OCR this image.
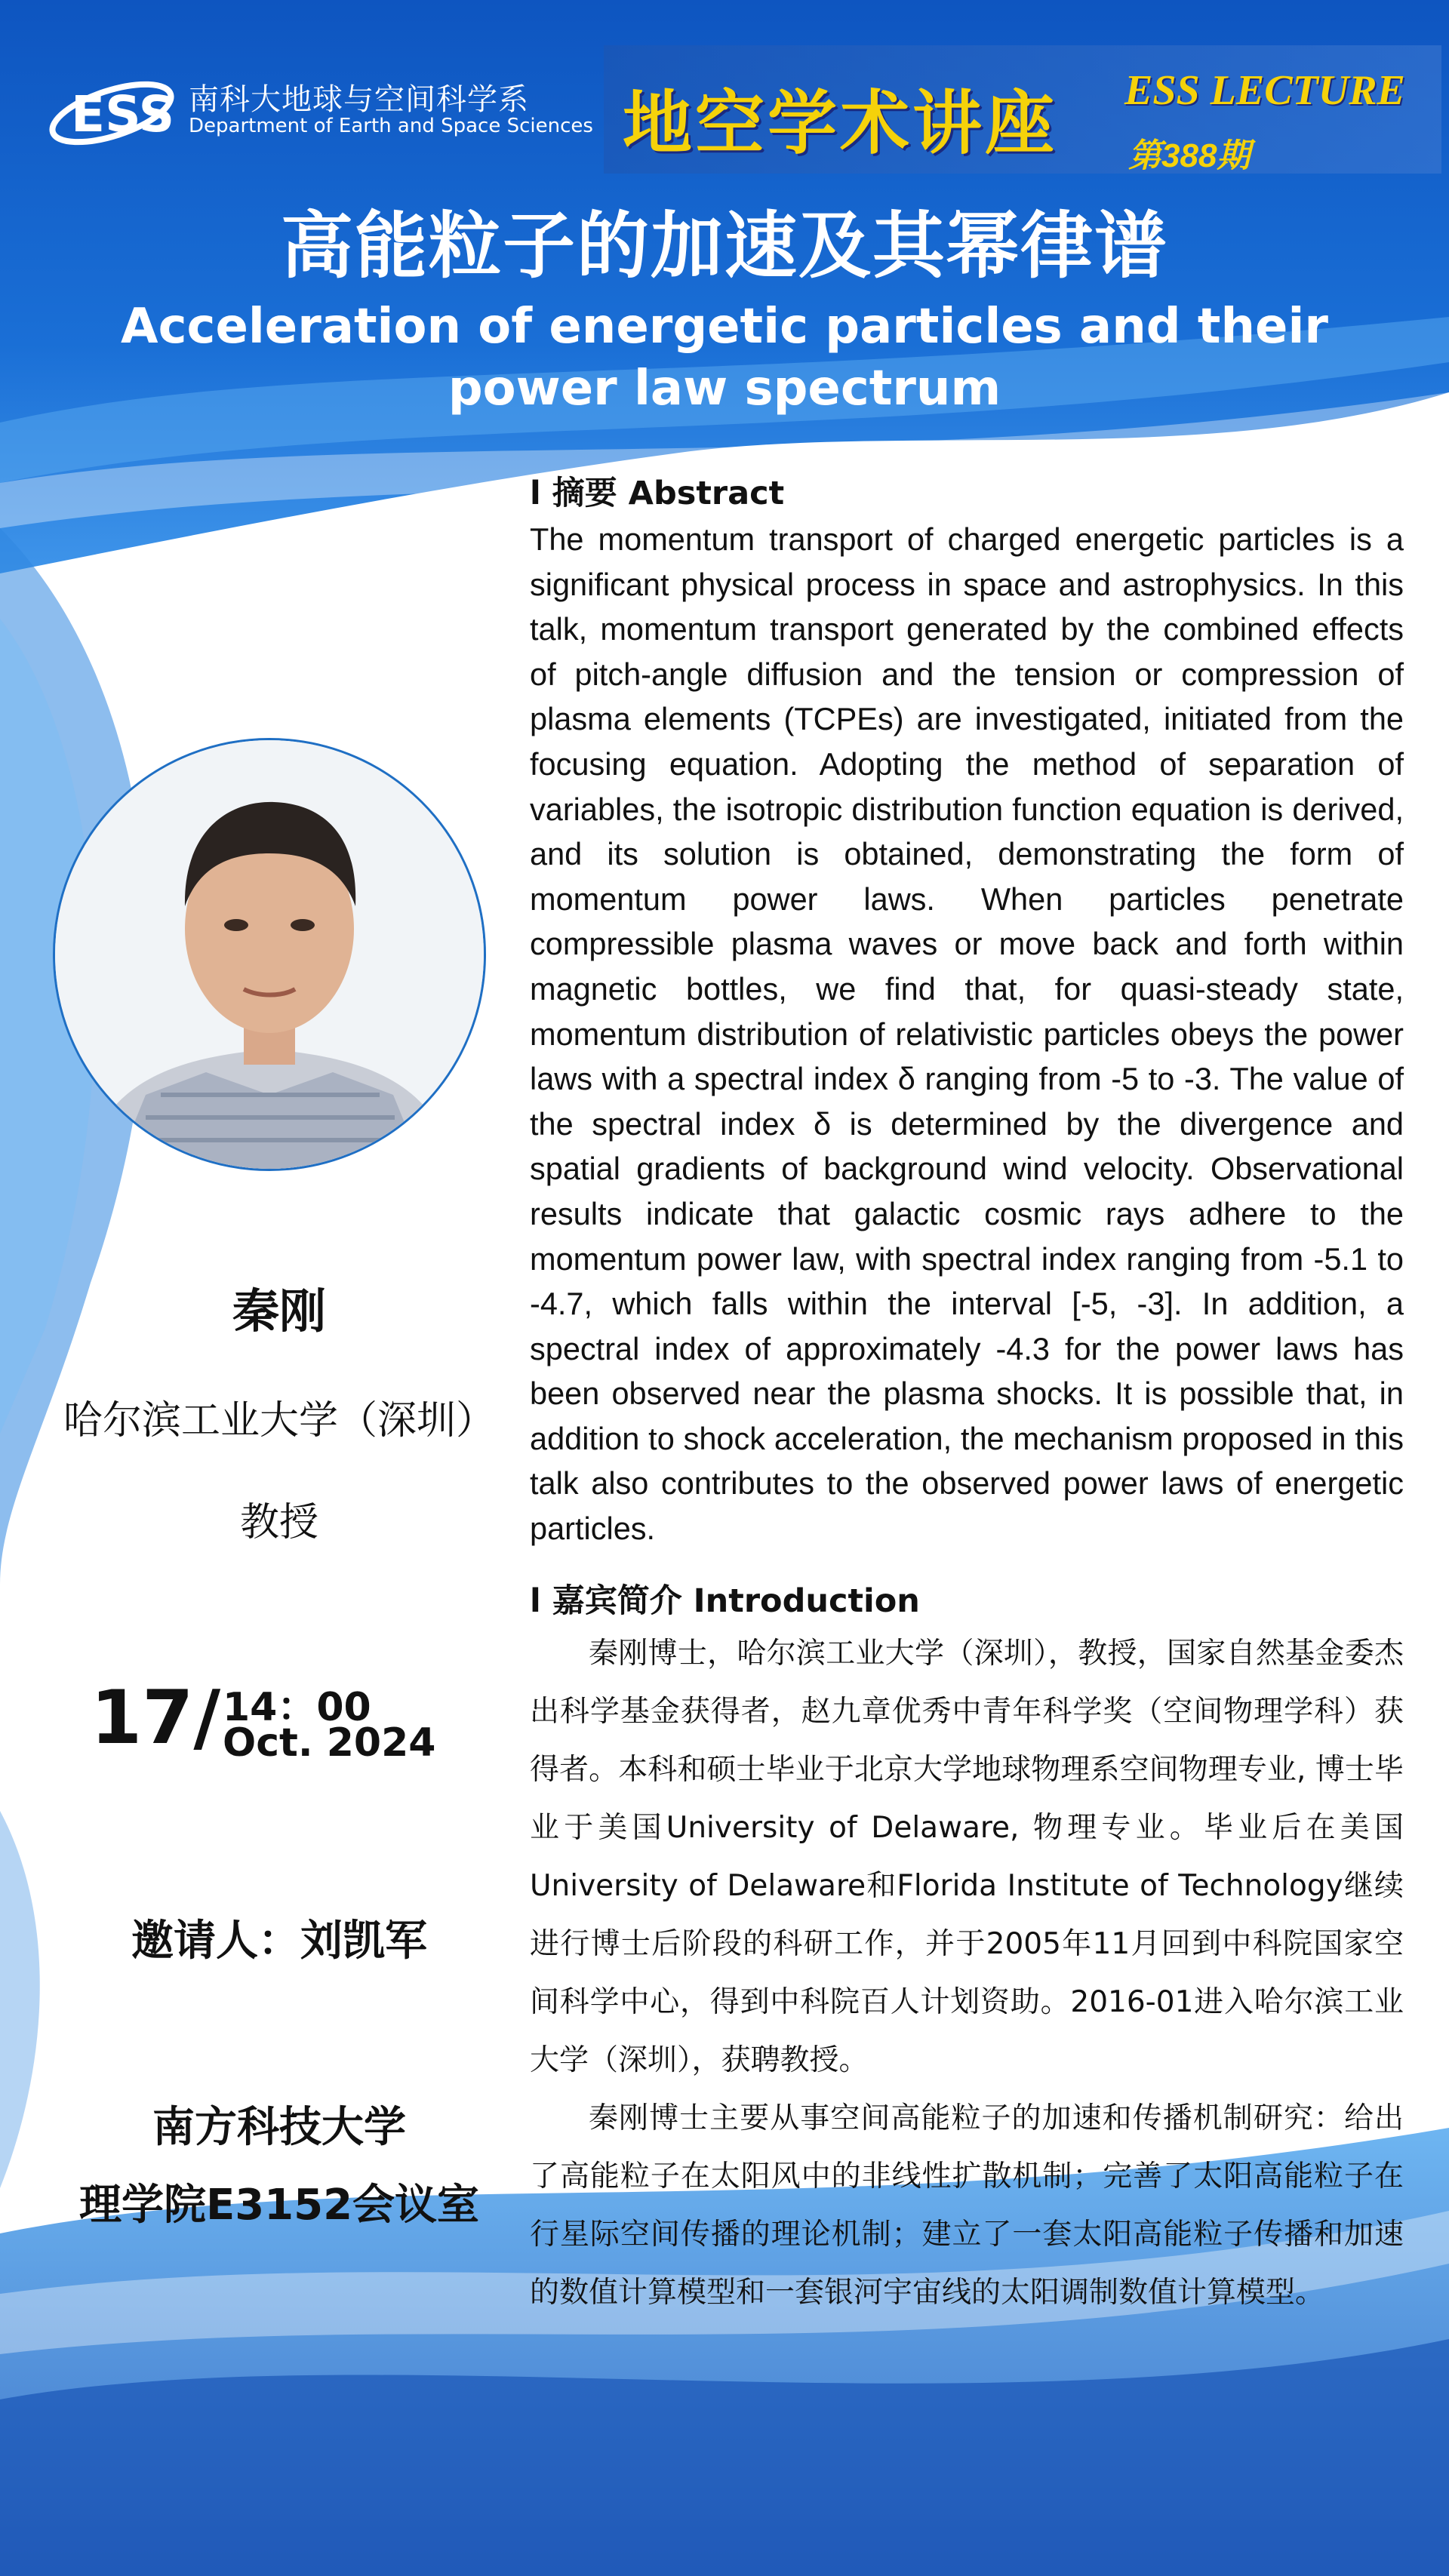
ESS 南科大地球与空间科学系
Department of Earth and Space Sciences 地空学术讲座 ESS LECTURE
第388期
高能粒子的加速及其幂律谱
Acceleration of energetic particles and their power law spectrum
秦刚
哈尔滨工业大学（深圳）
教授
17/ 14：00
Oct. 2024
邀请人：刘凯军
南方科技大学
理学院E3152会议室
l 摘要 Abstract

The momentum transport of charged energetic particles is a significant physical process in space and astrophysics. In this talk, momentum transport generated by the combined effects of pitch-angle diffusion and the tension or compression of plasma elements (TCPEs) are investigated, initiated from the focusing equation. Adopting the method of separation of variables, the isotropic distribution function equation is derived, and its solution is obtained, demonstrating the form of momentum power laws. When particles penetrate compressible plasma waves or move back and forth within magnetic bottles, we find that, for quasi-steady state, momentum distribution of relativistic particles obeys the power laws with a spectral index δ ranging from -5 to -3. The value of the spectral index δ is determined by the divergence and spatial gradients of background wind velocity. Observational results indicate that galactic cosmic rays adhere to the momentum power law, with spectral index ranging from -5.1 to -4.7, which falls within the interval [-5, -3]. In addition, a spectral index of approximately -4.3 for the power laws has been observed near the plasma shocks. It is possible that, in addition to shock acceleration, the mechanism proposed in this talk also contributes to the observed power laws of energetic particles.

l 嘉宾简介 Introduction

秦刚博士，哈尔滨工业大学（深圳），教授，国家自然基金委杰出科学基金获得者，赵九章优秀中青年科学奖（空间物理学科）获得者。本科和硕士毕业于北京大学地球物理系空间物理专业, 博士毕业于美国University of Delaware, 物理专业。毕业后在美国University of Delaware和Florida Institute of Technology继续进行博士后阶段的科研工作，并于2005年11月回到中科院国家空间科学中心，得到中科院百人计划资助。2016-01进入哈尔滨工业大学（深圳），获聘教授。

秦刚博士主要从事空间高能粒子的加速和传播机制研究：给出了高能粒子在太阳风中的非线性扩散机制；完善了太阳高能粒子在行星际空间传播的理论机制；建立了一套太阳高能粒子传播和加速的数值计算模型和一套银河宇宙线的太阳调制数值计算模型。
